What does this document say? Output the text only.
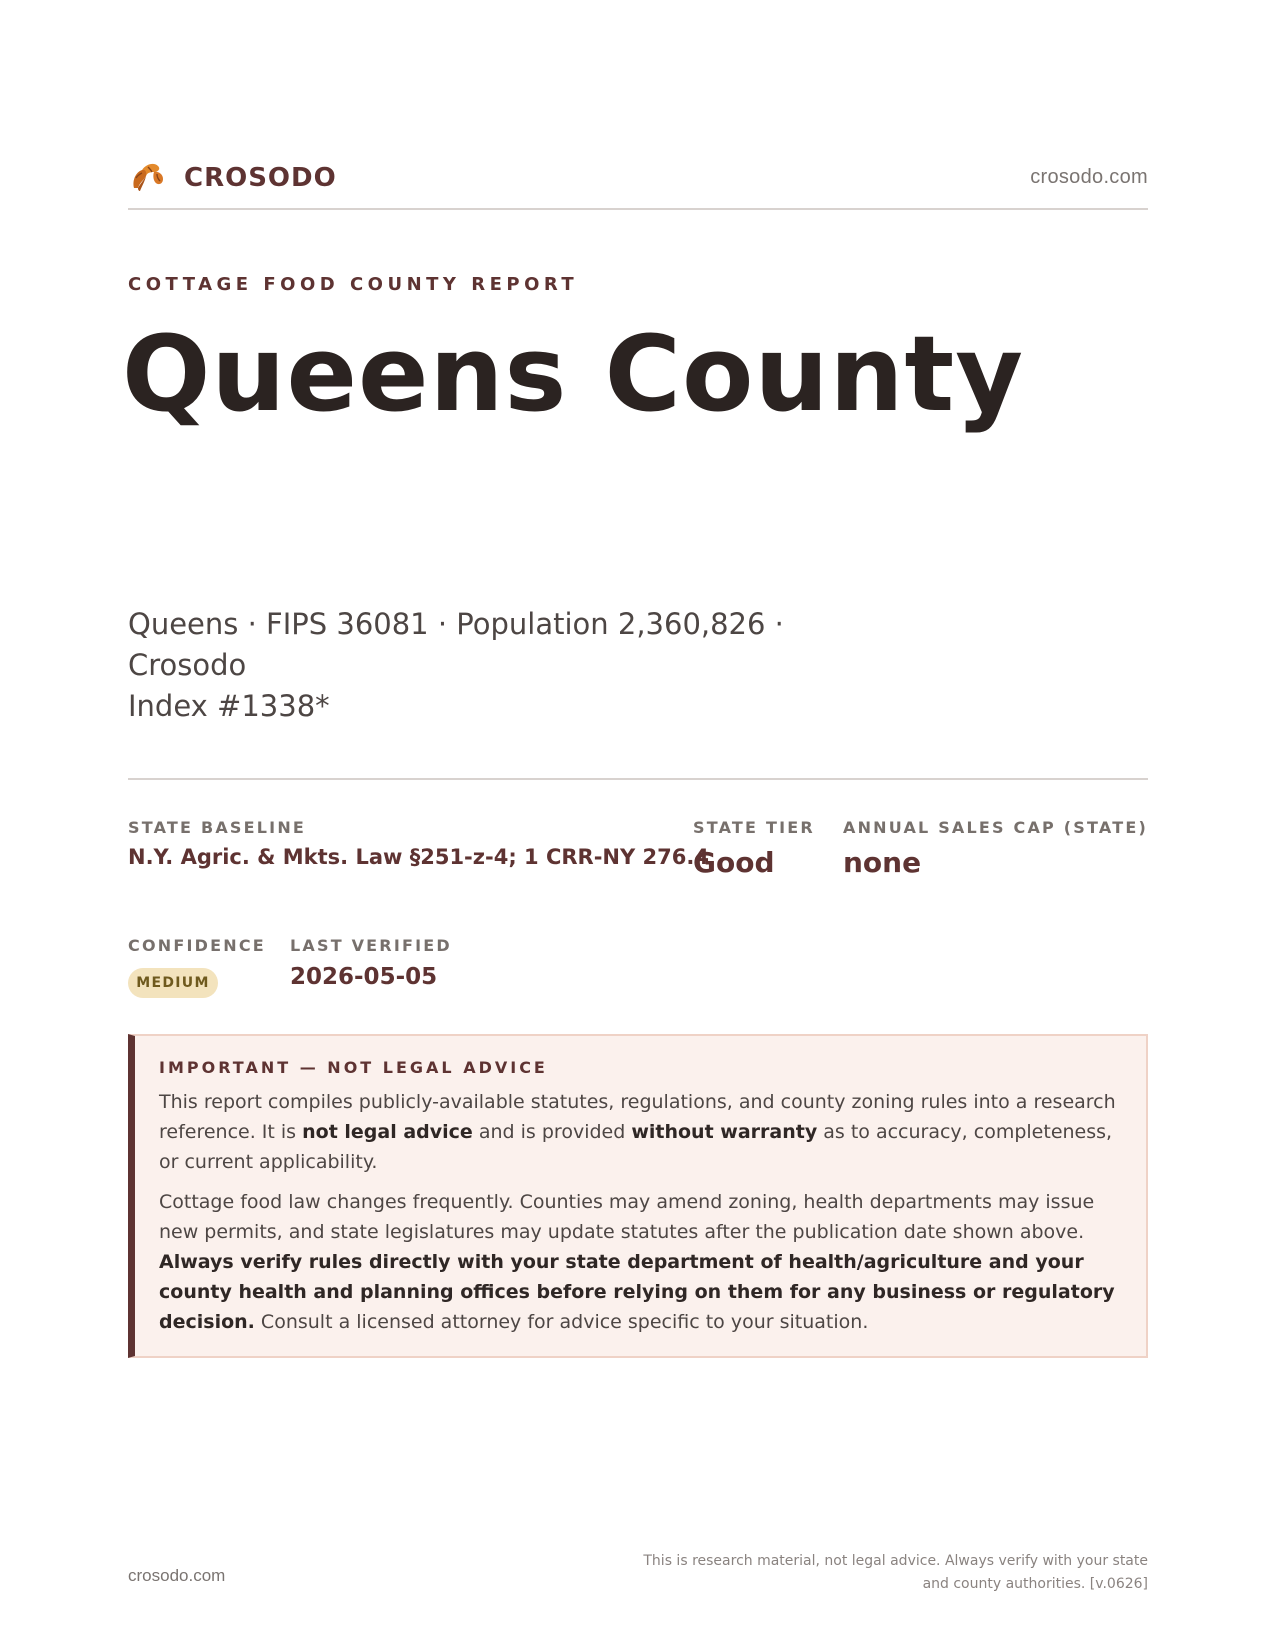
CROSODO	crosodo.com
COTTAGE FOOD COUNTY REPORT
Queens County
Queens · FIPS 36081 · Population 2,360,826 · Crosodo
Index #1338*
STATE BASELINE
N.Y. Agric. & Mkts. Law §251-z-4; 1 CRR-NY 276.4
STATE TIER
Good
ANNUAL SALES CAP (STATE)
none
CONFIDENCE
MEDIUM
LAST VERIFIED
2026-05-05
IMPORTANT — NOT LEGAL ADVICE

This report compiles publicly-available statutes, regulations, and county zoning rules into a research reference. It is not legal advice and is provided without warranty as to accuracy, completeness, or current applicability.

Cottage food law changes frequently. Counties may amend zoning, health departments may issue new permits, and state legislatures may update statutes after the publication date shown above. Always verify rules directly with your state department of health/agriculture and your county health and planning offices before relying on them for any business or regulatory decision. Consult a licensed attorney for advice specific to your situation.

crosodo.com
This is research material, not legal advice. Always verify with your state
and county authorities. [v.0626]
